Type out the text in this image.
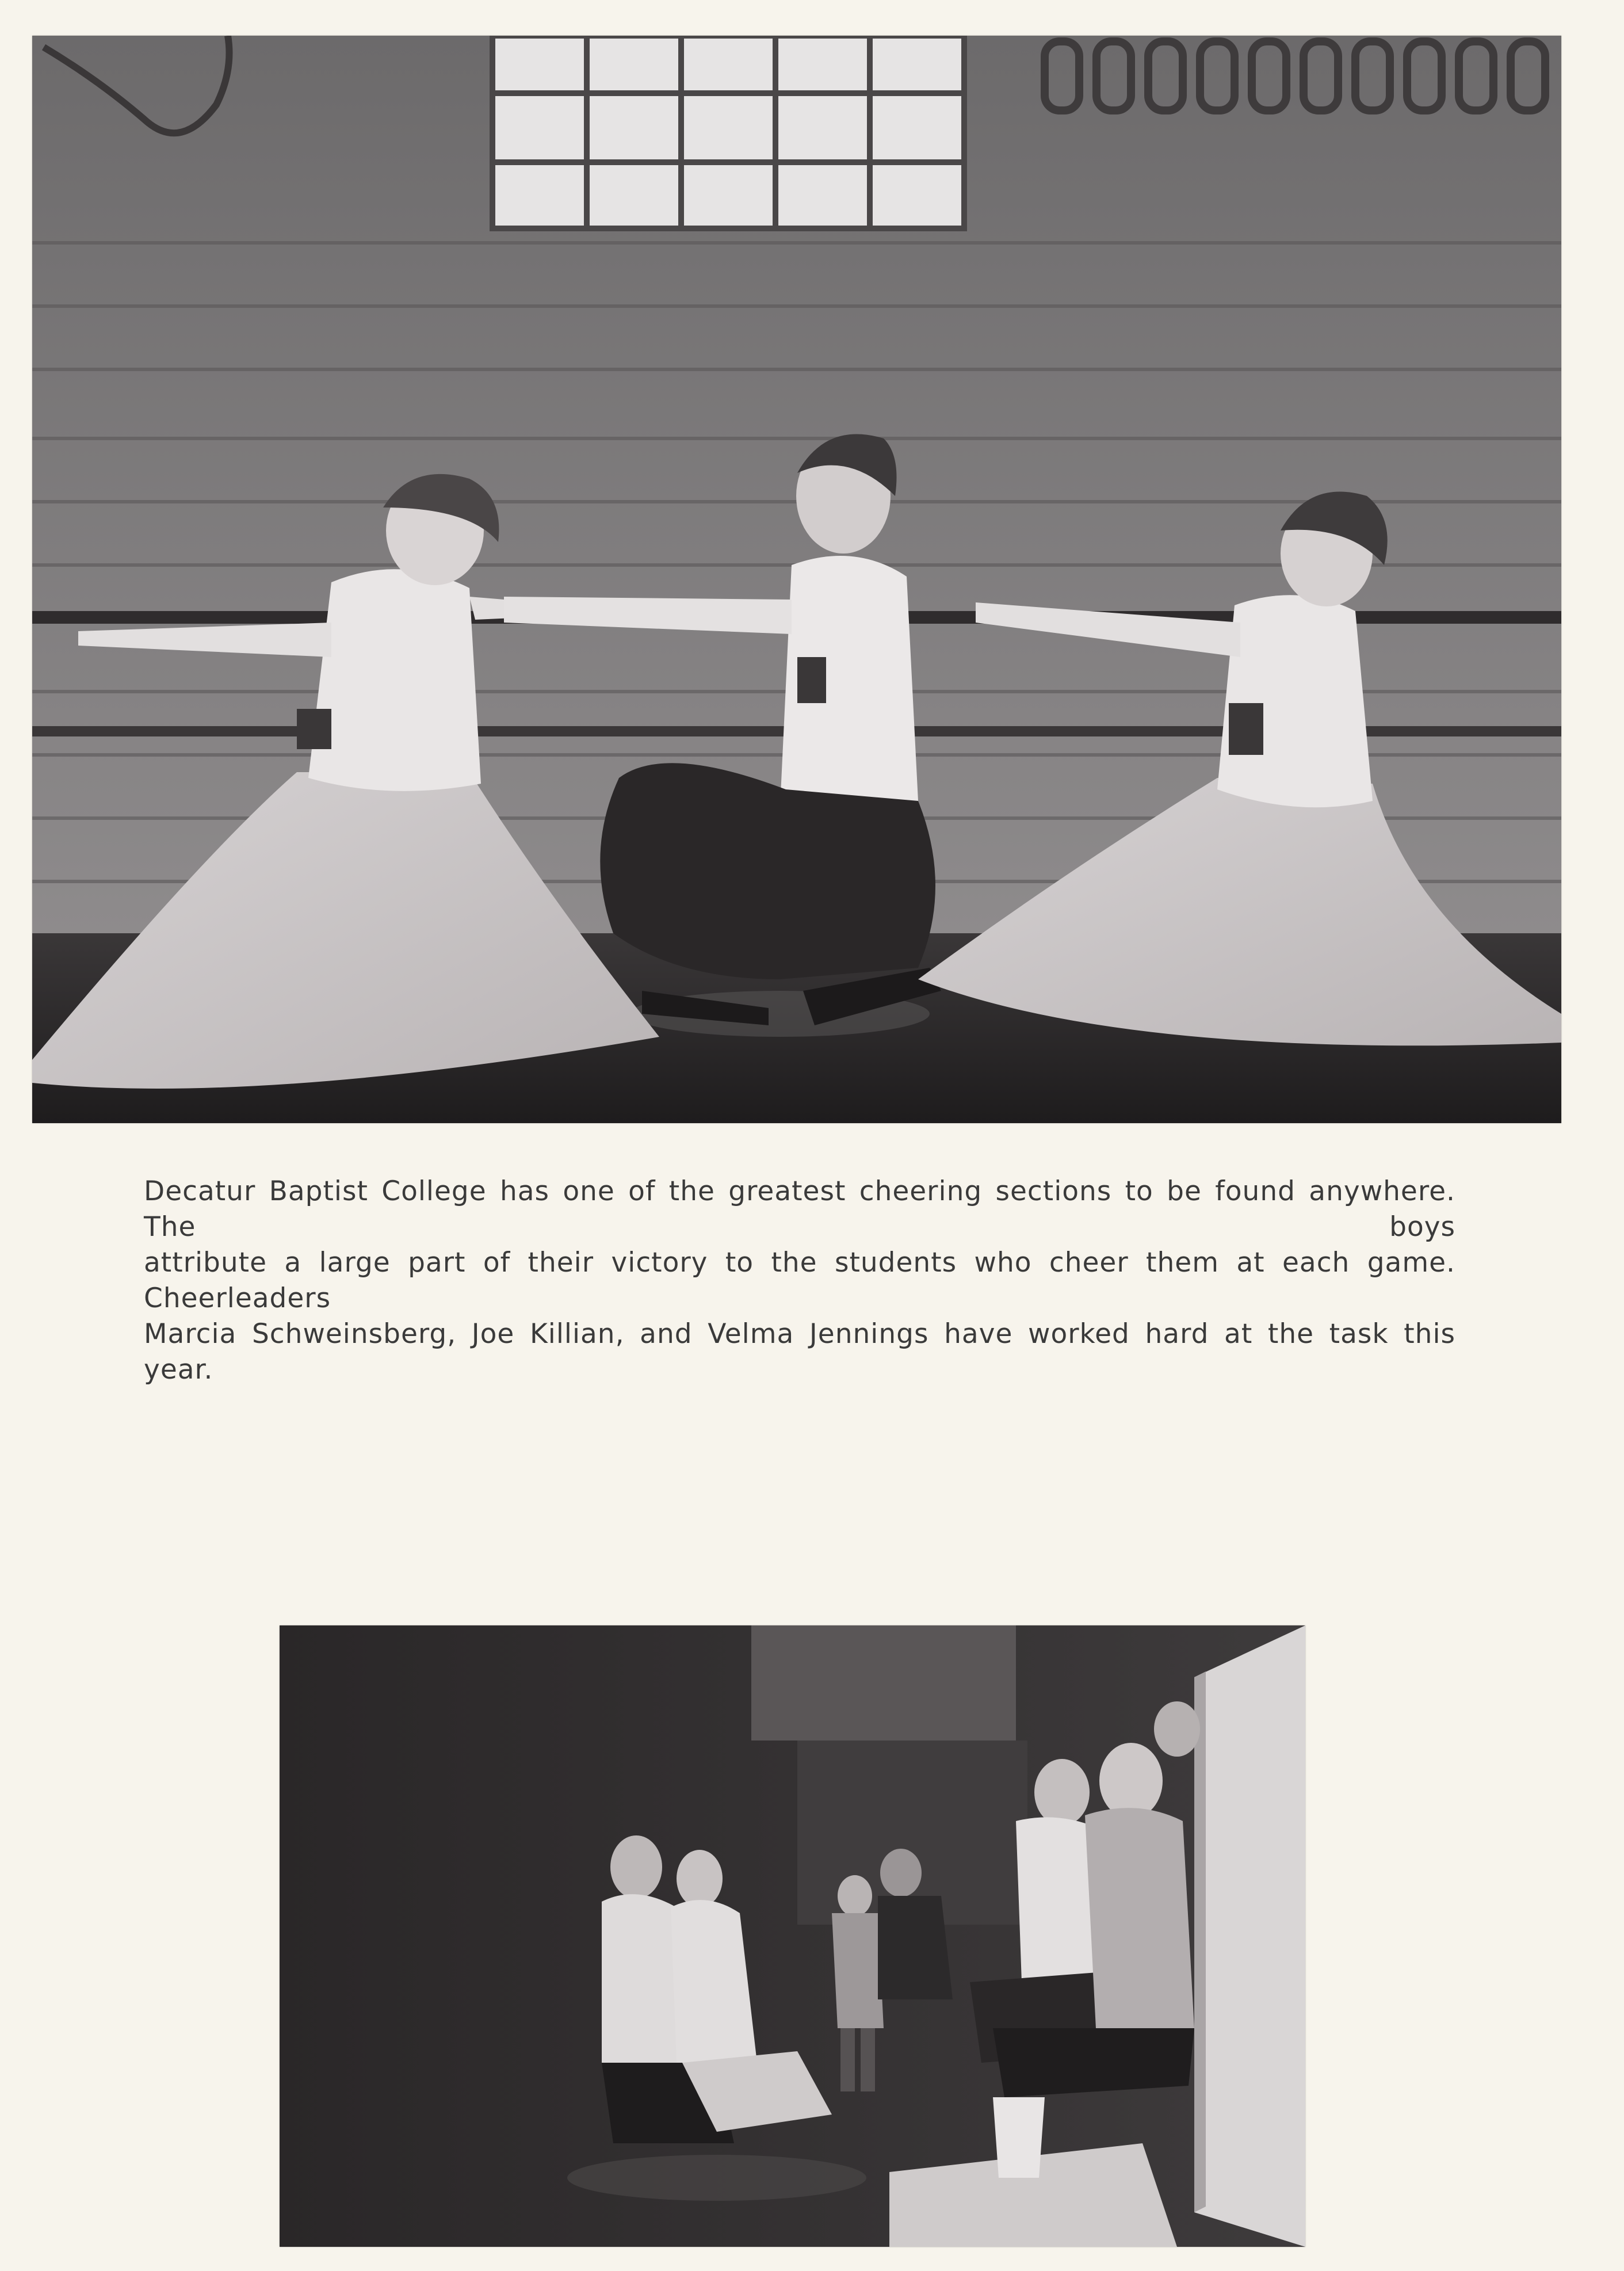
Decatur Baptist College has one of the greatest cheering sections to be found anywhere. The boys
attribute a large part of their victory to the students who cheer them at each game. Cheerleaders
Marcia Schweinsberg, Joe Killian, and Velma Jennings have worked hard at the task this year.
